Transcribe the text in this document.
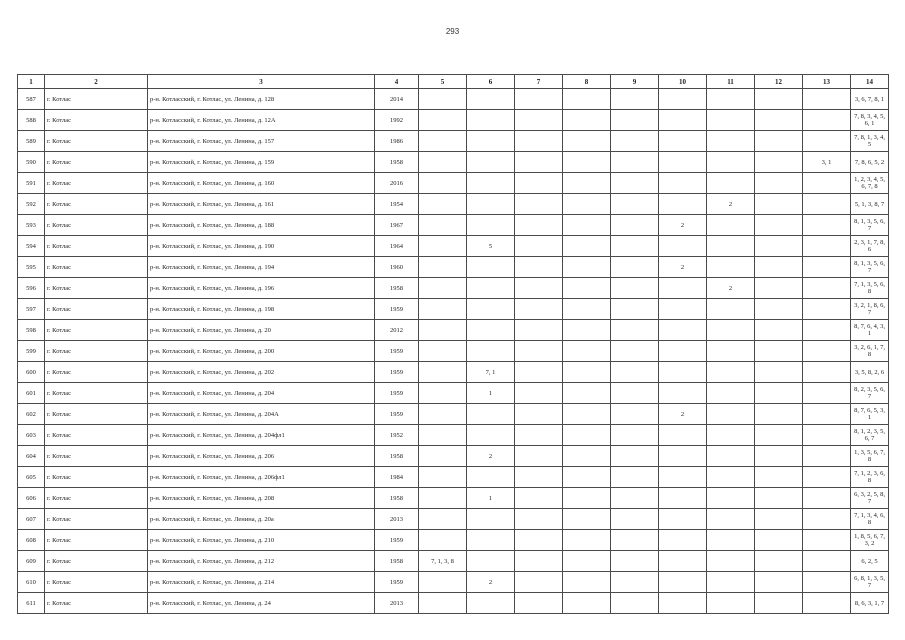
293
1	2	3	4	5	6	7	8	9	10	11	12	13	14
587	г. Котлас	р-н. Котласский, г. Котлас, ул. Ленина, д. 128	2014										3, 6, 7, 8, 1
588	г. Котлас	р-н. Котласский, г. Котлас, ул. Ленина, д. 12А	1992										7, 8, 3, 4, 5, 6, 1
589	г. Котлас	р-н. Котласский, г. Котлас, ул. Ленина, д. 157	1986										7, 8, 1, 3, 4, 5
590	г. Котлас	р-н. Котласский, г. Котлас, ул. Ленина, д. 159	1958									3, 1	7, 8, 6, 5, 2
591	г. Котлас	р-н. Котласский, г. Котлас, ул. Ленина, д. 160	2016										1, 2, 3, 4, 5, 6, 7, 8
592	г. Котлас	р-н. Котласский, г. Котлас, ул. Ленина, д. 161	1954							2			5, 1, 3, 8, 7
593	г. Котлас	р-н. Котласский, г. Котлас, ул. Ленина, д. 188	1967						2				8, 1, 3, 5, 6, 7
594	г. Котлас	р-н. Котласский, г. Котлас, ул. Ленина, д. 190	1964		5								2, 3, 1, 7, 8, 6
595	г. Котлас	р-н. Котласский, г. Котлас, ул. Ленина, д. 194	1960						2				8, 1, 3, 5, 6, 7
596	г. Котлас	р-н. Котласский, г. Котлас, ул. Ленина, д. 196	1958							2			7, 1, 3, 5, 6, 8
597	г. Котлас	р-н. Котласский, г. Котлас, ул. Ленина, д. 198	1959										3, 2, 1, 8, 6, 7
598	г. Котлас	р-н. Котласский, г. Котлас, ул. Ленина, д. 20	2012										8, 7, 6, 4, 3, 1
599	г. Котлас	р-н. Котласский, г. Котлас, ул. Ленина, д. 200	1959										3, 2, 6, 1, 7, 8
600	г. Котлас	р-н. Котласский, г. Котлас, ул. Ленина, д. 202	1959		7, 1								3, 5, 8, 2, 6
601	г. Котлас	р-н. Котласский, г. Котлас, ул. Ленина, д. 204	1959		1								8, 2, 3, 5, 6, 7
602	г. Котлас	р-н. Котласский, г. Котлас, ул. Ленина, д. 204А	1959						2				8, 7, 6, 5, 3, 1
603	г. Котлас	р-н. Котласский, г. Котлас, ул. Ленина, д. 204фл1	1952										8, 1, 2, 3, 5, 6, 7
604	г. Котлас	р-н. Котласский, г. Котлас, ул. Ленина, д. 206	1958		2								1, 3, 5, 6, 7, 8
605	г. Котлас	р-н. Котласский, г. Котлас, ул. Ленина, д. 206фл1	1984										7, 1, 2, 3, 6, 8
606	г. Котлас	р-н. Котласский, г. Котлас, ул. Ленина, д. 208	1958		1								6, 3, 2, 5, 8, 7
607	г. Котлас	р-н. Котласский, г. Котлас, ул. Ленина, д. 20а	2013										7, 1, 3, 4, 6, 8
608	г. Котлас	р-н. Котласский, г. Котлас, ул. Ленина, д. 210	1959										1, 8, 5, 6, 7, 3, 2
609	г. Котлас	р-н. Котласский, г. Котлас, ул. Ленина, д. 212	1958	7, 1, 3, 8									6, 2, 5
610	г. Котлас	р-н. Котласский, г. Котлас, ул. Ленина, д. 214	1959		2								6, 8, 1, 3, 5, 7
611	г. Котлас	р-н. Котласский, г. Котлас, ул. Ленина, д. 24	2013										8, 6, 3, 1, 7
